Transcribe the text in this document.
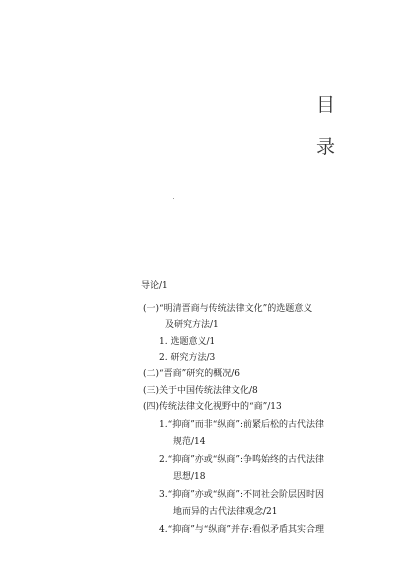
目
录
导论/1
(一)“明清晋商与传统法律文化”的选题意义
及研究方法/1
1. 选题意义/1
2. 研究方法/3
(二)“晋商”研究的概况/6
(三)关于中国传统法律文化/8
(四)传统法律文化视野中的“商”/13
1.“抑商”而非“纵商”:前紧后松的古代法律
规范/14
2.“抑商”亦或“纵商”:争鸣始终的古代法律
思想/18
3.“抑商”亦或“纵商”:不同社会阶层因时因
地而异的古代法律观念/21
4.“抑商”与“纵商”并存:看似矛盾其实合理
